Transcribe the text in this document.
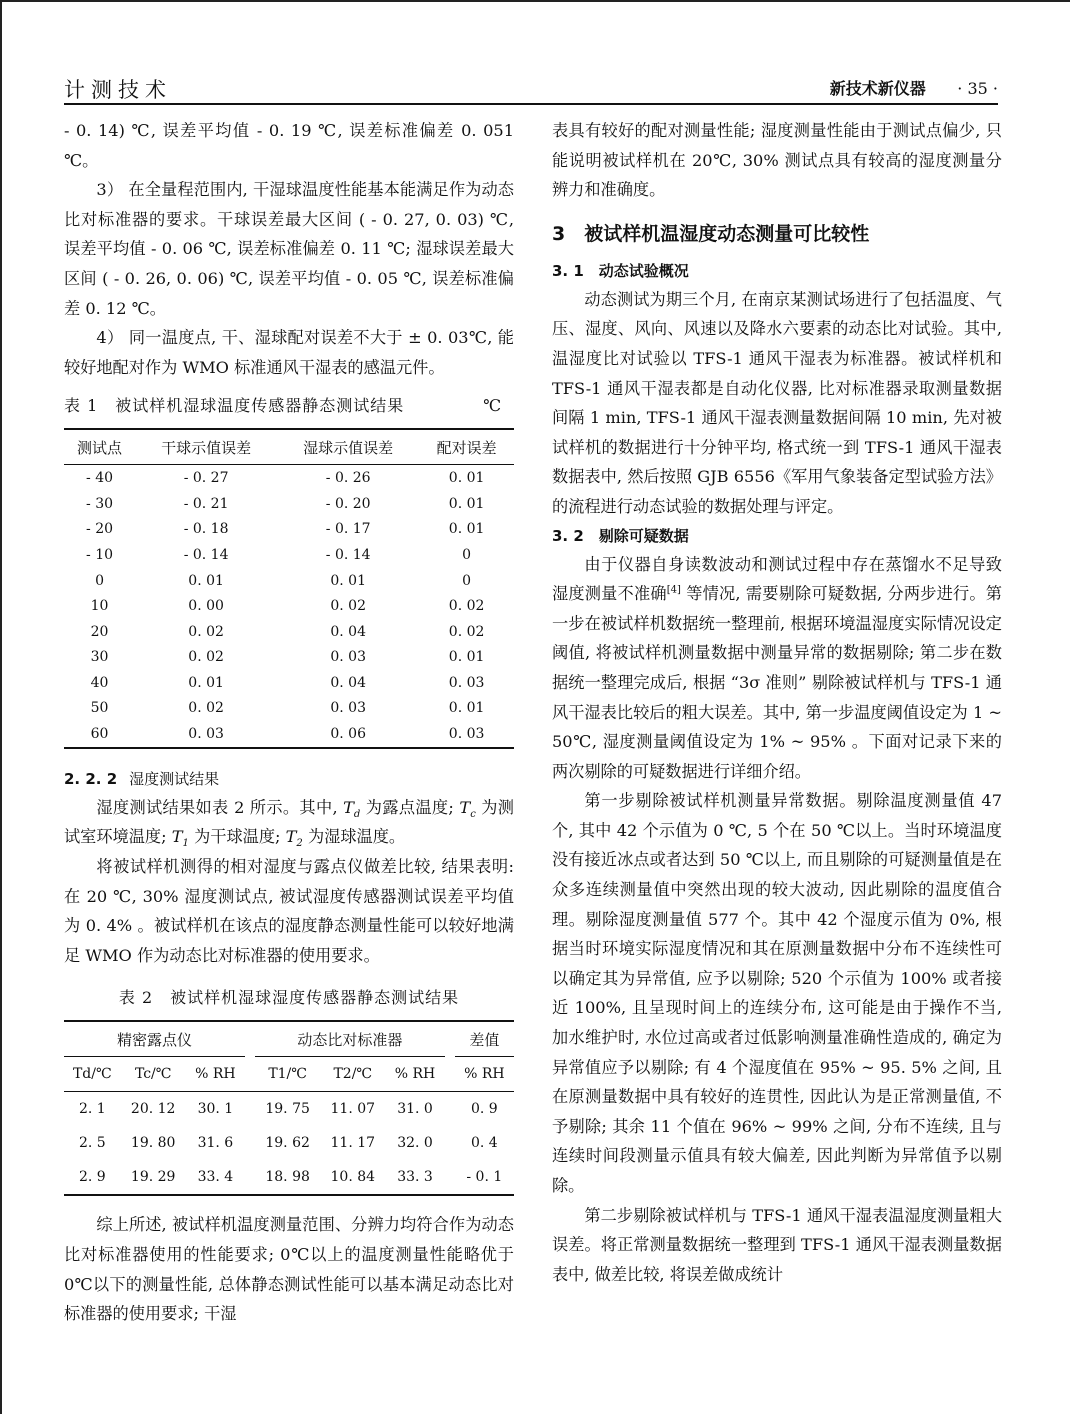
计测技术	新技术新仪器 · 35 ·

- 0. 14) ℃, 误差平均值 - 0. 19 ℃, 误差标准偏差 0. 051 ℃。

3） 在全量程范围内, 干湿球温度性能基本能满足作为动态比对标准器的要求。干球误差最大区间 ( - 0. 27, 0. 03) ℃, 误差平均值 - 0. 06 ℃, 误差标准偏差 0. 11 ℃; 湿球误差最大区间 ( - 0. 26, 0. 06) ℃, 误差平均值 - 0. 05 ℃, 误差标准偏差 0. 12 ℃。

4） 同一温度点, 干、湿球配对误差不大于 ± 0. 03℃, 能较好地配对作为 WMO 标准通风干湿表的感温元件。

表 1　被试样机湿球温度传感器静态测试结果	℃
测试点	干球示值误差	湿球示值误差	配对误差
- 40	- 0. 27	- 0. 26	0. 01
- 30	- 0. 21	- 0. 20	0. 01
- 20	- 0. 18	- 0. 17	0. 01
- 10	- 0. 14	- 0. 14	0
0	0. 01	0. 01	0
10	0. 00	0. 02	0. 02
20	0. 02	0. 04	0. 02
30	0. 02	0. 03	0. 01
40	0. 01	0. 04	0. 03
50	0. 02	0. 03	0. 01
60	0. 03	0. 06	0. 03
2. 2. 2 湿度测试结果

湿度测试结果如表 2 所示。其中, $T_d$ 为露点温度; $T_c$ 为测试室环境温度; $T_1$ 为干球温度; $T_2$ 为湿球温度。

将被试样机测得的相对湿度与露点仪做差比较, 结果表明: 在 20 ℃, 30% 湿度测试点, 被试湿度传感器测试误差平均值为 0. 4% 。被试样机在该点的湿度静态测量性能可以较好地满足 WMO 作为动态比对标准器的使用要求。

表 2　被试样机湿球湿度传感器静态测试结果
精密露点仪				动态比对标准器				差值
Td/℃	Tc/℃	% RH		T1/℃	T2/℃	% RH		% RH
2. 1	20. 12	30. 1		19. 75	11. 07	31. 0		0. 9
2. 5	19. 80	31. 6		19. 62	11. 17	32. 0		0. 4
2. 9	19. 29	33. 4		18. 98	10. 84	33. 3		- 0. 1

综上所述, 被试样机温度测量范围、分辨力均符合作为动态比对标准器使用的性能要求; 0℃以上的温度测量性能略优于 0℃以下的测量性能, 总体静态测试性能可以基本满足动态比对标准器的使用要求; 干湿

表具有较好的配对测量性能; 湿度测量性能由于测试点偏少, 只能说明被试样机在 20℃, 30% 测试点具有较高的湿度测量分辨力和准确度。

3　被试样机温湿度动态测量可比较性
3. 1　动态试验概况

动态测试为期三个月, 在南京某测试场进行了包括温度、气压、湿度、风向、风速以及降水六要素的动态比对试验。其中, 温湿度比对试验以 TFS-1 通风干湿表为标准器。被试样机和 TFS-1 通风干湿表都是自动化仪器, 比对标准器录取测量数据间隔 1 min, TFS-1 通风干湿表测量数据间隔 10 min, 先对被试样机的数据进行十分钟平均, 格式统一到 TFS-1 通风干湿表数据表中, 然后按照 GJB 6556《军用气象装备定型试验方法》的流程进行动态试验的数据处理与评定。

3. 2　剔除可疑数据

由于仪器自身读数波动和测试过程中存在蒸馏水不足导致湿度测量不准确[4] 等情况, 需要剔除可疑数据, 分两步进行。第一步在被试样机数据统一整理前, 根据环境温湿度实际情况设定阈值, 将被试样机测量数据中测量异常的数据剔除; 第二步在数据统一整理完成后, 根据 “3σ 准则” 剔除被试样机与 TFS-1 通风干湿表比较后的粗大误差。其中, 第一步温度阈值设定为 1 ~ 50℃, 湿度测量阈值设定为 1% ~ 95% 。下面对记录下来的两次剔除的可疑数据进行详细介绍。

第一步剔除被试样机测量异常数据。剔除温度测量值 47 个, 其中 42 个示值为 0 ℃, 5 个在 50 ℃以上。当时环境温度没有接近冰点或者达到 50 ℃以上, 而且剔除的可疑测量值是在众多连续测量值中突然出现的较大波动, 因此剔除的温度值合理。剔除湿度测量值 577 个。其中 42 个湿度示值为 0%, 根据当时环境实际湿度情况和其在原测量数据中分布不连续性可以确定其为异常值, 应予以剔除; 520 个示值为 100% 或者接近 100%, 且呈现时间上的连续分布, 这可能是由于操作不当, 加水维护时, 水位过高或者过低影响测量准确性造成的, 确定为异常值应予以剔除; 有 4 个湿度值在 95% ~ 95. 5% 之间, 且在原测量数据中具有较好的连贯性, 因此认为是正常测量值, 不予剔除; 其余 11 个值在 96% ~ 99% 之间, 分布不连续, 且与连续时间段测量示值具有较大偏差, 因此判断为异常值予以剔除。

第二步剔除被试样机与 TFS-1 通风干湿表温湿度测量粗大误差。将正常测量数据统一整理到 TFS-1 通风干湿表测量数据表中, 做差比较, 将误差做成统计
